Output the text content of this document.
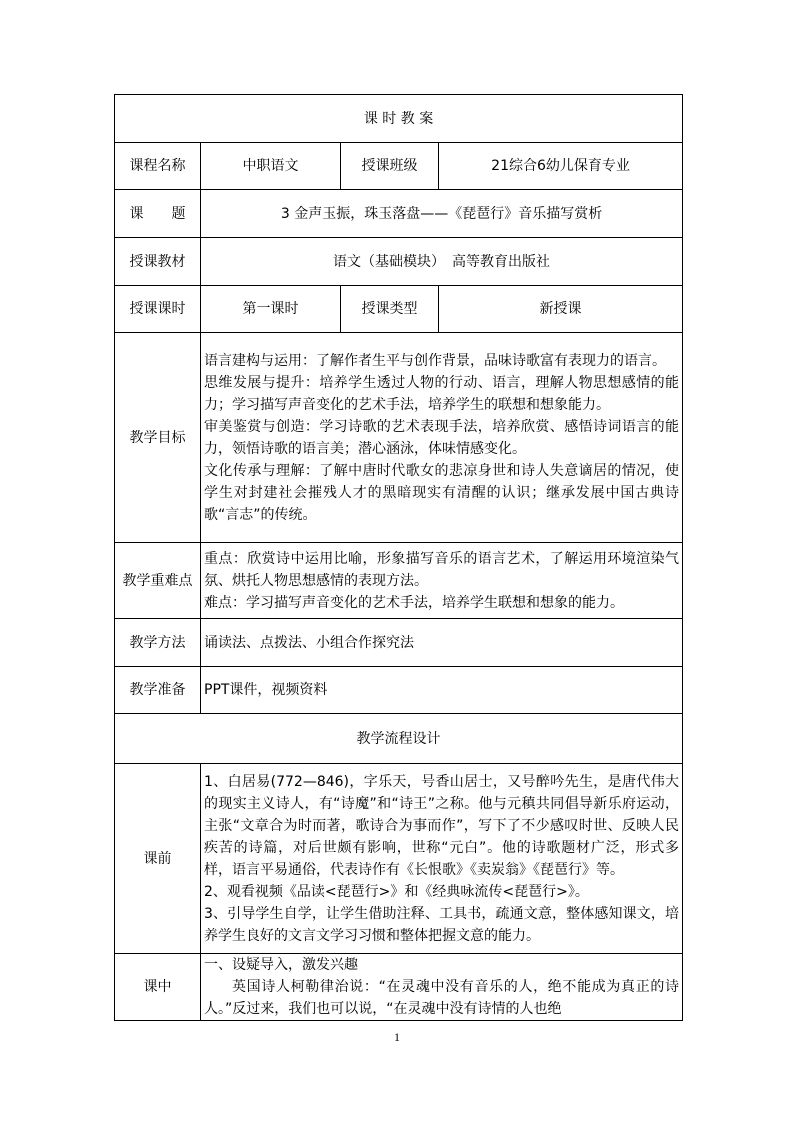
课 时 教 案			
课程名称	中职语文	授课班级	21综合6幼儿保育专业
课　　题	3 金声玉振，珠玉落盘——《琵琶行》音乐描写赏析		
授课教材	语文（基础模块）　高等教育出版社		
授课课时	第一课时	授课类型	新授课
教学目标	语言建构与运用：了解作者生平与创作背景，品味诗歌富有表现力的语言。

思维发展与提升：培养学生透过人物的行动、语言，理解人物思想感情的能力；学习描写声音变化的艺术手法，培养学生的联想和想象能力。

审美鉴赏与创造：学习诗歌的艺术表现手法，培养欣赏、感悟诗词语言的能力，领悟诗歌的语言美；潜心涵泳，体味情感变化。

文化传承与理解：了解中唐时代歌女的悲凉身世和诗人失意谪居的情况，使学生对封建社会摧残人才的黑暗现实有清醒的认识；继承发展中国古典诗歌“言志”的传统。		

教学重难点	重点：欣赏诗中运用比喻，形象描写音乐的语言艺术，了解运用环境渲染气氛、烘托人物思想感情的表现方法。

难点：学习描写声音变化的艺术手法，培养学生联想和想象的能力。		

教学方法	诵读法、点拨法、小组合作探究法		
教学准备	PPT课件，视频资料		
教学流程设计			
课前	1、白居易(772—846)，字乐天，号香山居士，又号醉吟先生，是唐代伟大的现实主义诗人，有“诗魔”和“诗王”之称。他与元稹共同倡导新乐府运动，主张“文章合为时而著，歌诗合为事而作”，写下了不少感叹时世、反映人民疾苦的诗篇，对后世颇有影响，世称“元白”。他的诗歌题材广泛，形式多样，语言平易通俗，代表诗作有《长恨歌》《卖炭翁》《琵琶行》等。

2、观看视频《品读<琵琶行>》和《经典咏流传<琵琶行>》。

3、引导学生自学，让学生借助注释、工具书，疏通文意，整体感知课文，培养学生良好的文言文学习习惯和整体把握文意的能力。		

课中	一、设疑导入，激发兴趣

英国诗人柯勒律治说：“在灵魂中没有音乐的人，绝不能成为真正的诗人。”反过来，我们也可以说，“在灵魂中没有诗情的人也绝		

1
